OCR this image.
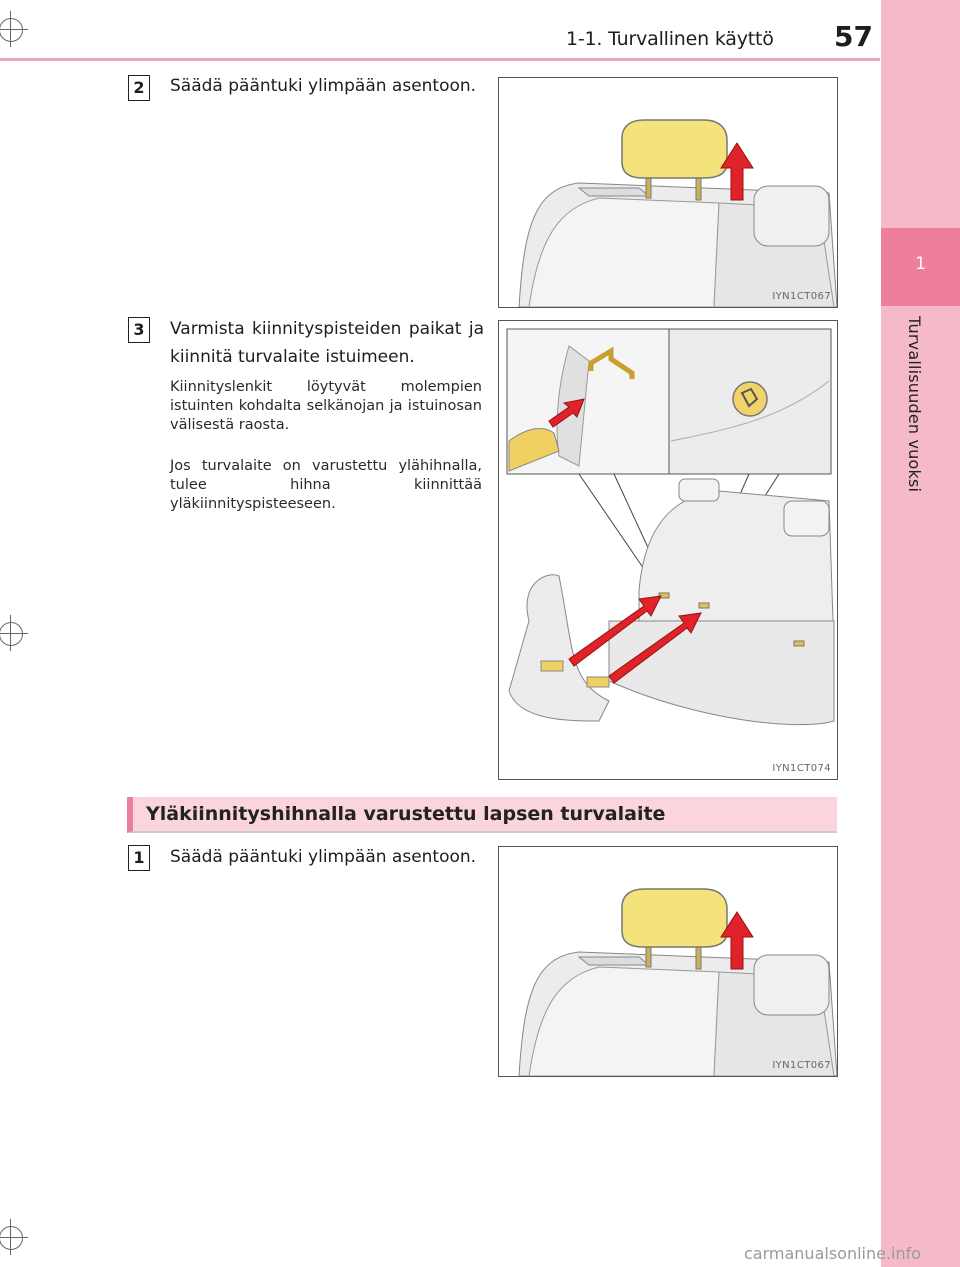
1-1. Turvallinen käyttö 57
1
Turvallisuuden vuoksi
2	Säädä pääntuki ylimpään asentoon.
IYN1CT067
3	Varmista kiinnityspisteiden paikat ja kiinnitä turvalaite istuimeen.
Kiinnityslenkit löytyvät molempien istuinten kohdalta selkänojan ja istuinosan välisestä raosta.
Jos turvalaite on varustettu ylähihnalla, tulee hihna kiinnittää yläkiinnityspisteeseen.
IYN1CT074
Yläkiinnityshihnalla varustettu lapsen turvalaite
1	Säädä pääntuki ylimpään asentoon.
IYN1CT067
carmanualsonline.info
